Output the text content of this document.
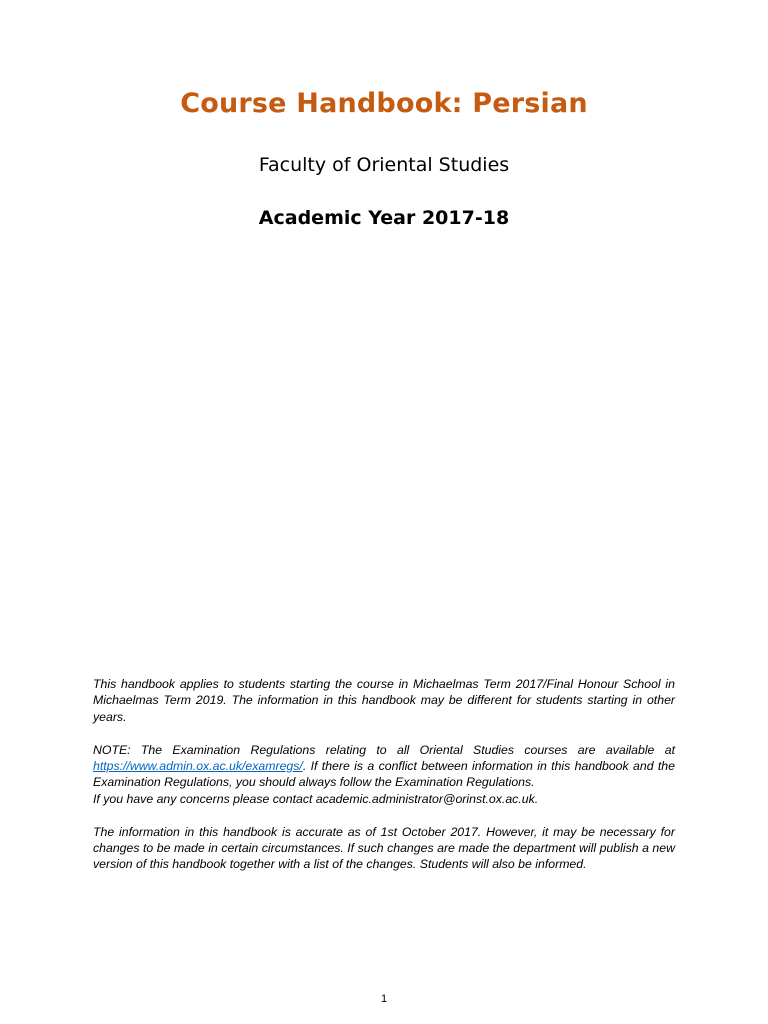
Course Handbook: Persian
Faculty of Oriental Studies
Academic Year 2017-18

This handbook applies to students starting the course in Michaelmas Term 2017/Final Honour School in Michaelmas Term 2019. The information in this handbook may be different for students starting in other years.

NOTE: The Examination Regulations relating to all Oriental Studies courses are available at https://www.admin.ox.ac.uk/examregs/. If there is a conflict between information in this handbook and the Examination Regulations, you should always follow the Examination Regulations.
If you have any concerns please contact academic.administrator@orinst.ox.ac.uk.

The information in this handbook is accurate as of 1st October 2017. However, it may be necessary for changes to be made in certain circumstances. If such changes are made the department will publish a new version of this handbook together with a list of the changes. Students will also be informed.

1
